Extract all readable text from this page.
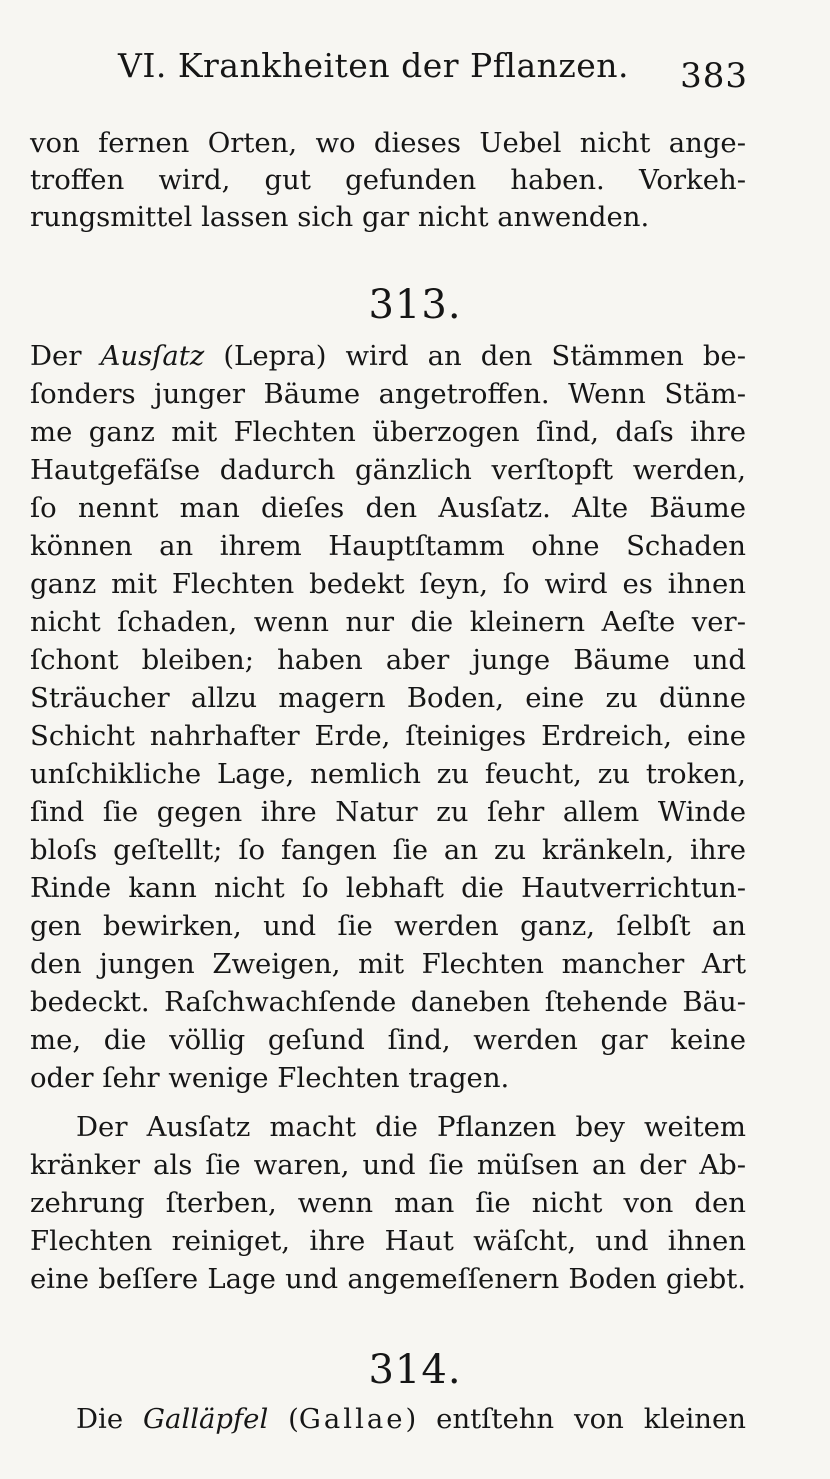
VI. Krankheiten der Pflanzen. 383
von fernen Orten, wo dieses Uebel nicht ange-
troffen wird, gut gefunden haben. Vorkeh-
rungsmittel lassen sich gar nicht anwenden.
313.
Der Ausſatz (Lepra) wird an den Stämmen be-
ſonders junger Bäume angetroffen. Wenn Stäm-
me ganz mit Flechten überzogen ſind, daſs ihre
Hautgefäſse dadurch gänzlich verſtopft werden,
ſo nennt man dieſes den Ausſatz. Alte Bäume
können an ihrem Hauptſtamm ohne Schaden
ganz mit Flechten bedekt ſeyn, ſo wird es ihnen
nicht ſchaden, wenn nur die kleinern Aeſte ver-
ſchont bleiben; haben aber junge Bäume und
Sträucher allzu magern Boden, eine zu dünne
Schicht nahrhafter Erde, ſteiniges Erdreich, eine
unſchikliche Lage, nemlich zu feucht, zu troken,
ſind ſie gegen ihre Natur zu ſehr allem Winde
bloſs geſtellt; ſo fangen ſie an zu kränkeln, ihre
Rinde kann nicht ſo lebhaft die Hautverrichtun-
gen bewirken, und ſie werden ganz, ſelbſt an
den jungen Zweigen, mit Flechten mancher Art
bedeckt. Raſchwachſende daneben ſtehende Bäu-
me, die völlig geſund ſind, werden gar keine
oder ſehr wenige Flechten tragen.
Der Ausſatz macht die Pflanzen bey weitem
kränker als ſie waren, und ſie müſsen an der Ab-
zehrung ſterben, wenn man ſie nicht von den
Flechten reiniget, ihre Haut wäſcht, und ihnen
eine beſſere Lage und angemeſſenern Boden giebt.
314.
Die Galläpfel (Gallae) entſtehn von kleinen
